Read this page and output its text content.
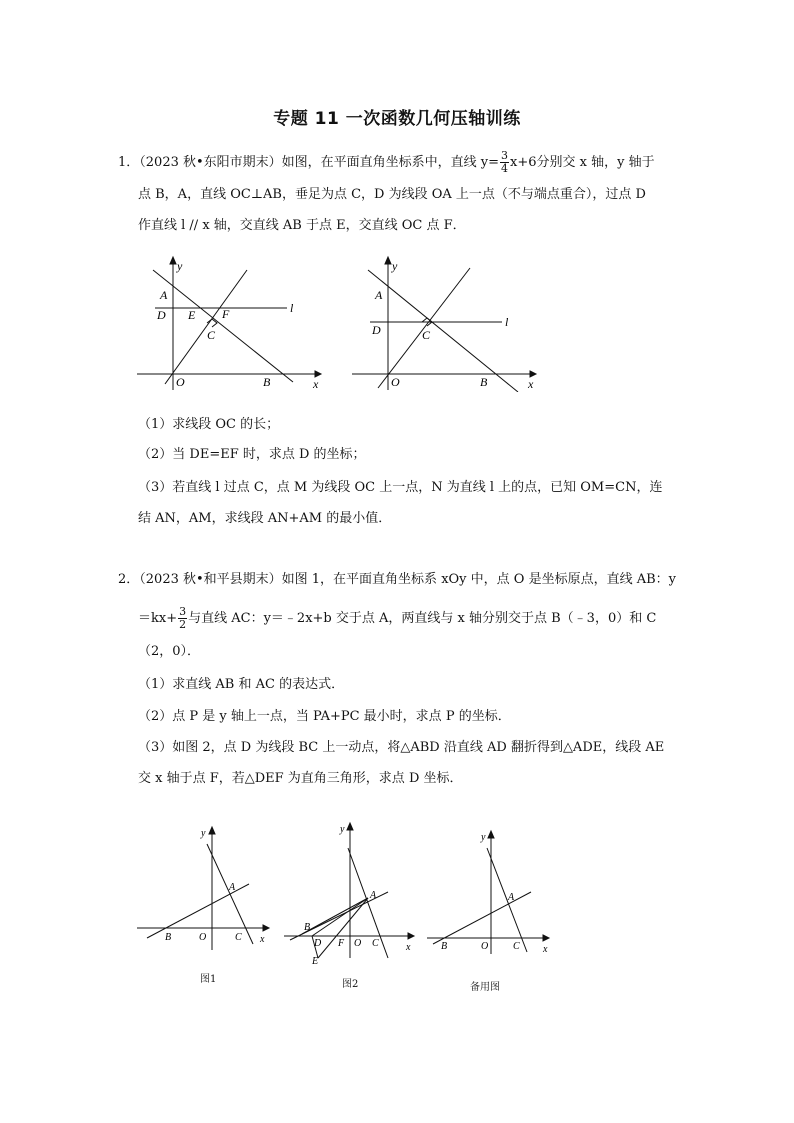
专题 11 一次函数几何压轴训练
1．（2023 秋•东阳市期末）如图，在平面直角坐标系中，直线 $y= \frac{3}{4} x+6$分别交 x 轴，y 轴于
点 B，A，直线 OC⊥AB，垂足为点 C，D 为线段 OA 上一点（不与端点重合），过点 D
作直线 l // x 轴，交直线 AB 于点 E，交直线 OC 点 F．
y
x
A
D E F
C
O	B
l
y
x
A
D	C
O	B
l
（1）求线段 OC 的长；
（2）当 DE=EF 时，求点 D 的坐标；
（3）若直线 l 过点 C，点 M 为线段 OC 上一点，N 为直线 l 上的点，已知 OM=CN，连
结 AN，AM，求线段 AN+AM 的最小值．
2．（2023 秋•和平县期末）如图 1，在平面直角坐标系 xOy 中，点 O 是坐标原点，直线 AB：y
$=kx+ \frac{3}{2}$ 与直线 AC：y＝﹣2x+b 交于点 A，两直线与 x 轴分别交于点 B（﹣3，0）和 C
（2，0）．
（1）求直线 AB 和 AC 的表达式．
（2）点 P 是 y 轴上一点，当 PA+PC 最小时，求点 P 的坐标．
（3）如图 2，点 D 为线段 BC 上一动点，将△ABD 沿直线 AD 翻折得到△ADE，线段 AE
交 x 轴于点 F，若△DEF 为直角三角形，求点 D 坐标．
y
x
A
B	O	C
图1
y
x
A
B
D F O C
E
图2
y
x
A
B	O C
备用图
